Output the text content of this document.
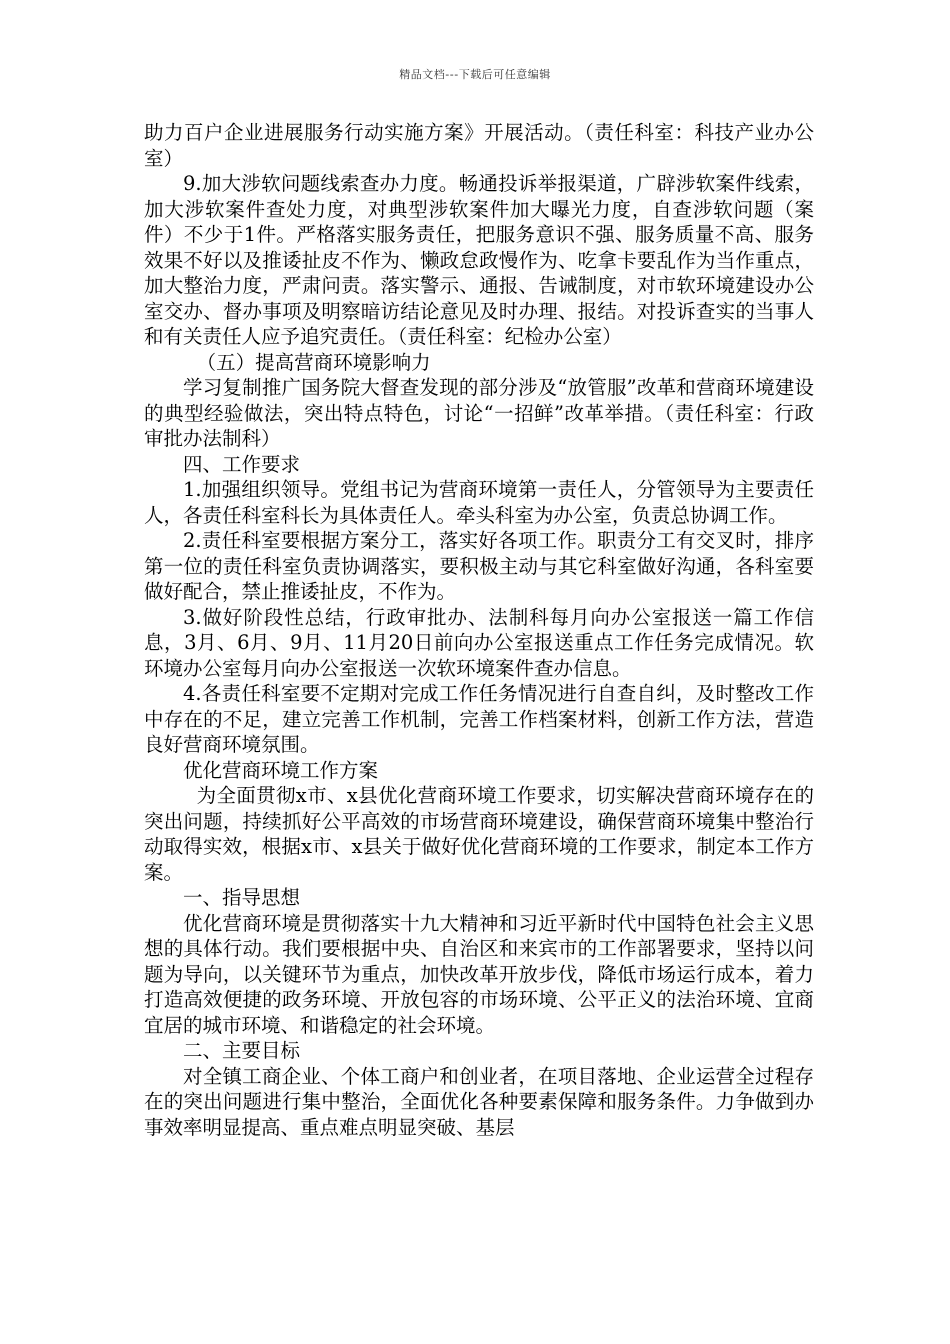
精品文档---下载后可任意编辑

助力百户企业进展服务行动实施方案》开展活动。（责任科室：科技产业办公室）

9.加大涉软问题线索查办力度。畅通投诉举报渠道，广辟涉软案件线索，加大涉软案件查处力度，对典型涉软案件加大曝光力度，自查涉软问题（案件）不少于1件。严格落实服务责任，把服务意识不强、服务质量不高、服务效果不好以及推诿扯皮不作为、懒政怠政慢作为、吃拿卡要乱作为当作重点，加大整治力度，严肃问责。落实警示、通报、告诫制度，对市软环境建设办公室交办、督办事项及明察暗访结论意见及时办理、报结。对投诉查实的当事人和有关责任人应予追究责任。（责任科室：纪检办公室）

（五）提高营商环境影响力

学习复制推广国务院大督查发现的部分涉及“放管服”改革和营商环境建设的典型经验做法，突出特点特色，讨论“一招鲜”改革举措。（责任科室：行政审批办法制科）

四、工作要求

1.加强组织领导。党组书记为营商环境第一责任人，分管领导为主要责任人，各责任科室科长为具体责任人。牵头科室为办公室，负责总协调工作。

2.责任科室要根据方案分工，落实好各项工作。职责分工有交叉时，排序第一位的责任科室负责协调落实，要积极主动与其它科室做好沟通，各科室要做好配合，禁止推诿扯皮，不作为。

3.做好阶段性总结，行政审批办、法制科每月向办公室报送一篇工作信息，3月、6月、9月、11月20日前向办公室报送重点工作任务完成情况。软环境办公室每月向办公室报送一次软环境案件查办信息。

4.各责任科室要不定期对完成工作任务情况进行自查自纠，及时整改工作中存在的不足，建立完善工作机制，完善工作档案材料，创新工作方法，营造良好营商环境氛围。

优化营商环境工作方案

为全面贯彻x市、x县优化营商环境工作要求，切实解决营商环境存在的突出问题，持续抓好公平高效的市场营商环境建设，确保营商环境集中整治行动取得实效，根据x市、x县关于做好优化营商环境的工作要求，制定本工作方案。

一、指导思想

优化营商环境是贯彻落实十九大精神和习近平新时代中国特色社会主义思想的具体行动。我们要根据中央、自治区和来宾市的工作部署要求，坚持以问题为导向，以关键环节为重点，加快改革开放步伐，降低市场运行成本，着力打造高效便捷的政务环境、开放包容的市场环境、公平正义的法治环境、宜商宜居的城市环境、和谐稳定的社会环境。

二、主要目标

对全镇工商企业、个体工商户和创业者，在项目落地、企业运营全过程存在的突出问题进行集中整治，全面优化各种要素保障和服务条件。力争做到办事效率明显提高、重点难点明显突破、基层
